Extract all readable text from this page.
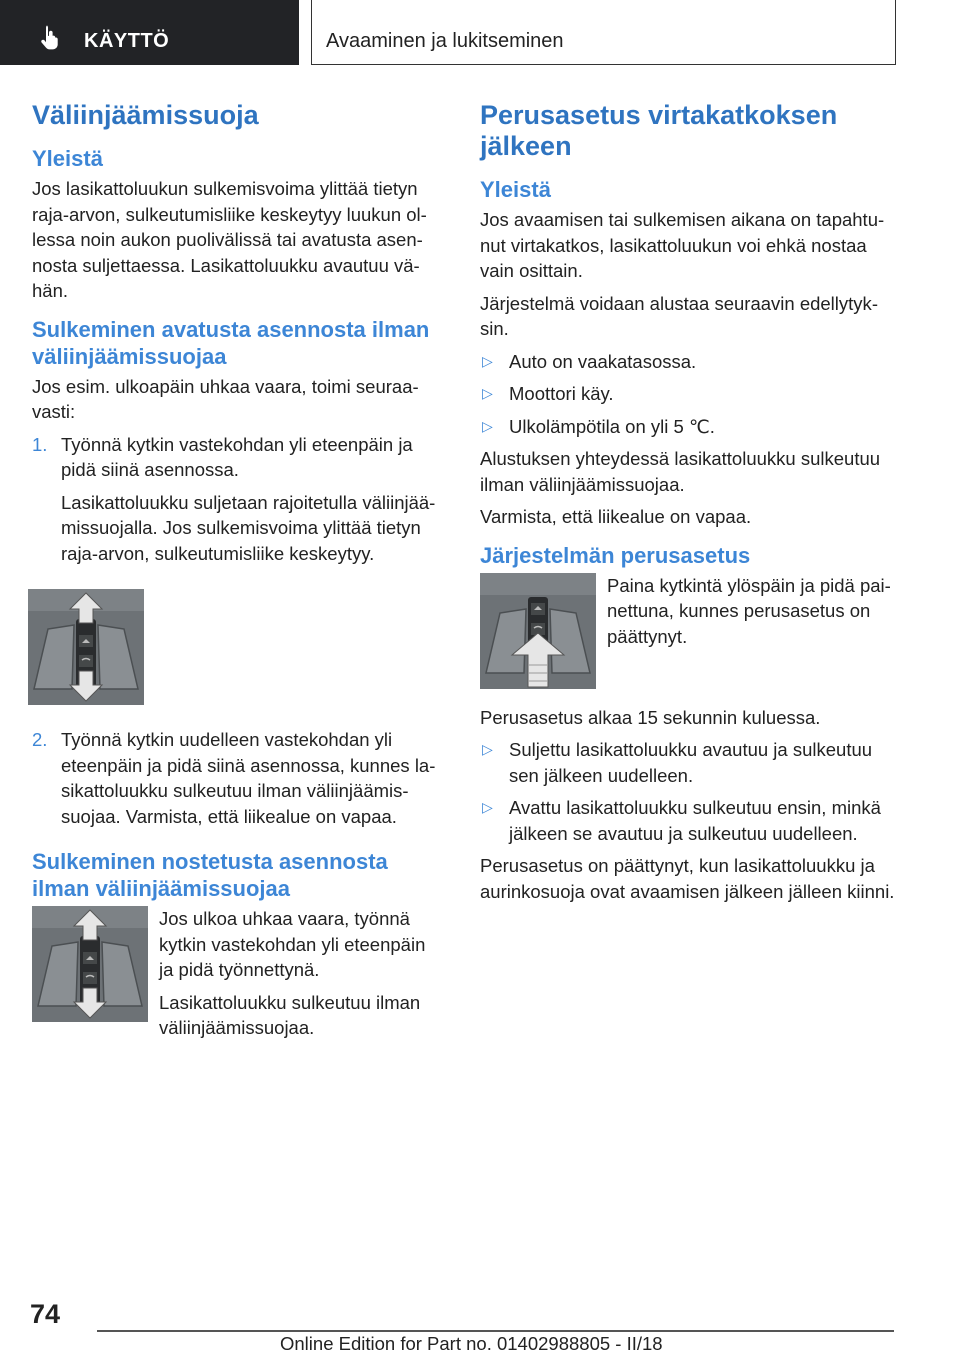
KÄYTTÖ	Avaaminen ja lukitseminen
Väliinjäämissuoja
Yleistä

Jos lasikattoluukun sulkemisvoima ylittää tietyn raja-arvon, sulkeutumisliike keskeytyy luukun ollessa noin aukon puolivälissä tai avatusta asennosta suljettaessa. Lasikattoluukku avautuu vähän.

Sulkeminen avatusta asennosta ilman väliinjäämissuojaa

Jos esim. ulkoapäin uhkaa vaara, toimi seuraavasti:

1. Työnnä kytkin vastekohdan yli eteenpäin ja pidä siinä asennossa.

Lasikattoluukku suljetaan rajoitetulla väliinjäämissuojalla. Jos sulkemisvoima ylittää tietyn raja-arvon, sulkeutumisliike keskeytyy.

2. Työnnä kytkin uudelleen vastekohdan yli eteenpäin ja pidä siinä asennossa, kunnes lasikattoluukku sulkeutuu ilman väliinjäämissuojaa. Varmista, että liikealue on vapaa.

Sulkeminen nostetusta asennosta ilman väliinjäämissuojaa

Jos ulkoa uhkaa vaara, työnnä kytkin vastekohdan yli eteenpäin ja pidä työnnettynä.

Lasikattoluukku sulkeutuu ilman väliinjäämissuojaa.

Perusasetus virtakatkoksen jälkeen
Yleistä

Jos avaamisen tai sulkemisen aikana on tapahtunut virtakatkos, lasikattoluukun voi ehkä nostaa vain osittain.

Järjestelmä voidaan alustaa seuraavin edellytyksin.

▷ Auto on vaakatasossa.

▷ Moottori käy.

▷ Ulkolämpötila on yli 5 ℃.

Alustuksen yhteydessä lasikattoluukku sulkeutuu ilman väliinjäämissuojaa.

Varmista, että liikealue on vapaa.

Järjestelmän perusasetus

Paina kytkintä ylöspäin ja pidä painettuna, kunnes perusasetus on päättynyt.

Perusasetus alkaa 15 sekunnin kuluessa.

▷ Suljettu lasikattoluukku avautuu ja sulkeutuu sen jälkeen uudelleen.

▷ Avattu lasikattoluukku sulkeutuu ensin, minkä jälkeen se avautuu ja sulkeutuu uudelleen.

Perusasetus on päättynyt, kun lasikattoluukku ja aurinkosuoja ovat avaamisen jälkeen jälleen kiinni.

74
Online Edition for Part no. 01402988805 - II/18
